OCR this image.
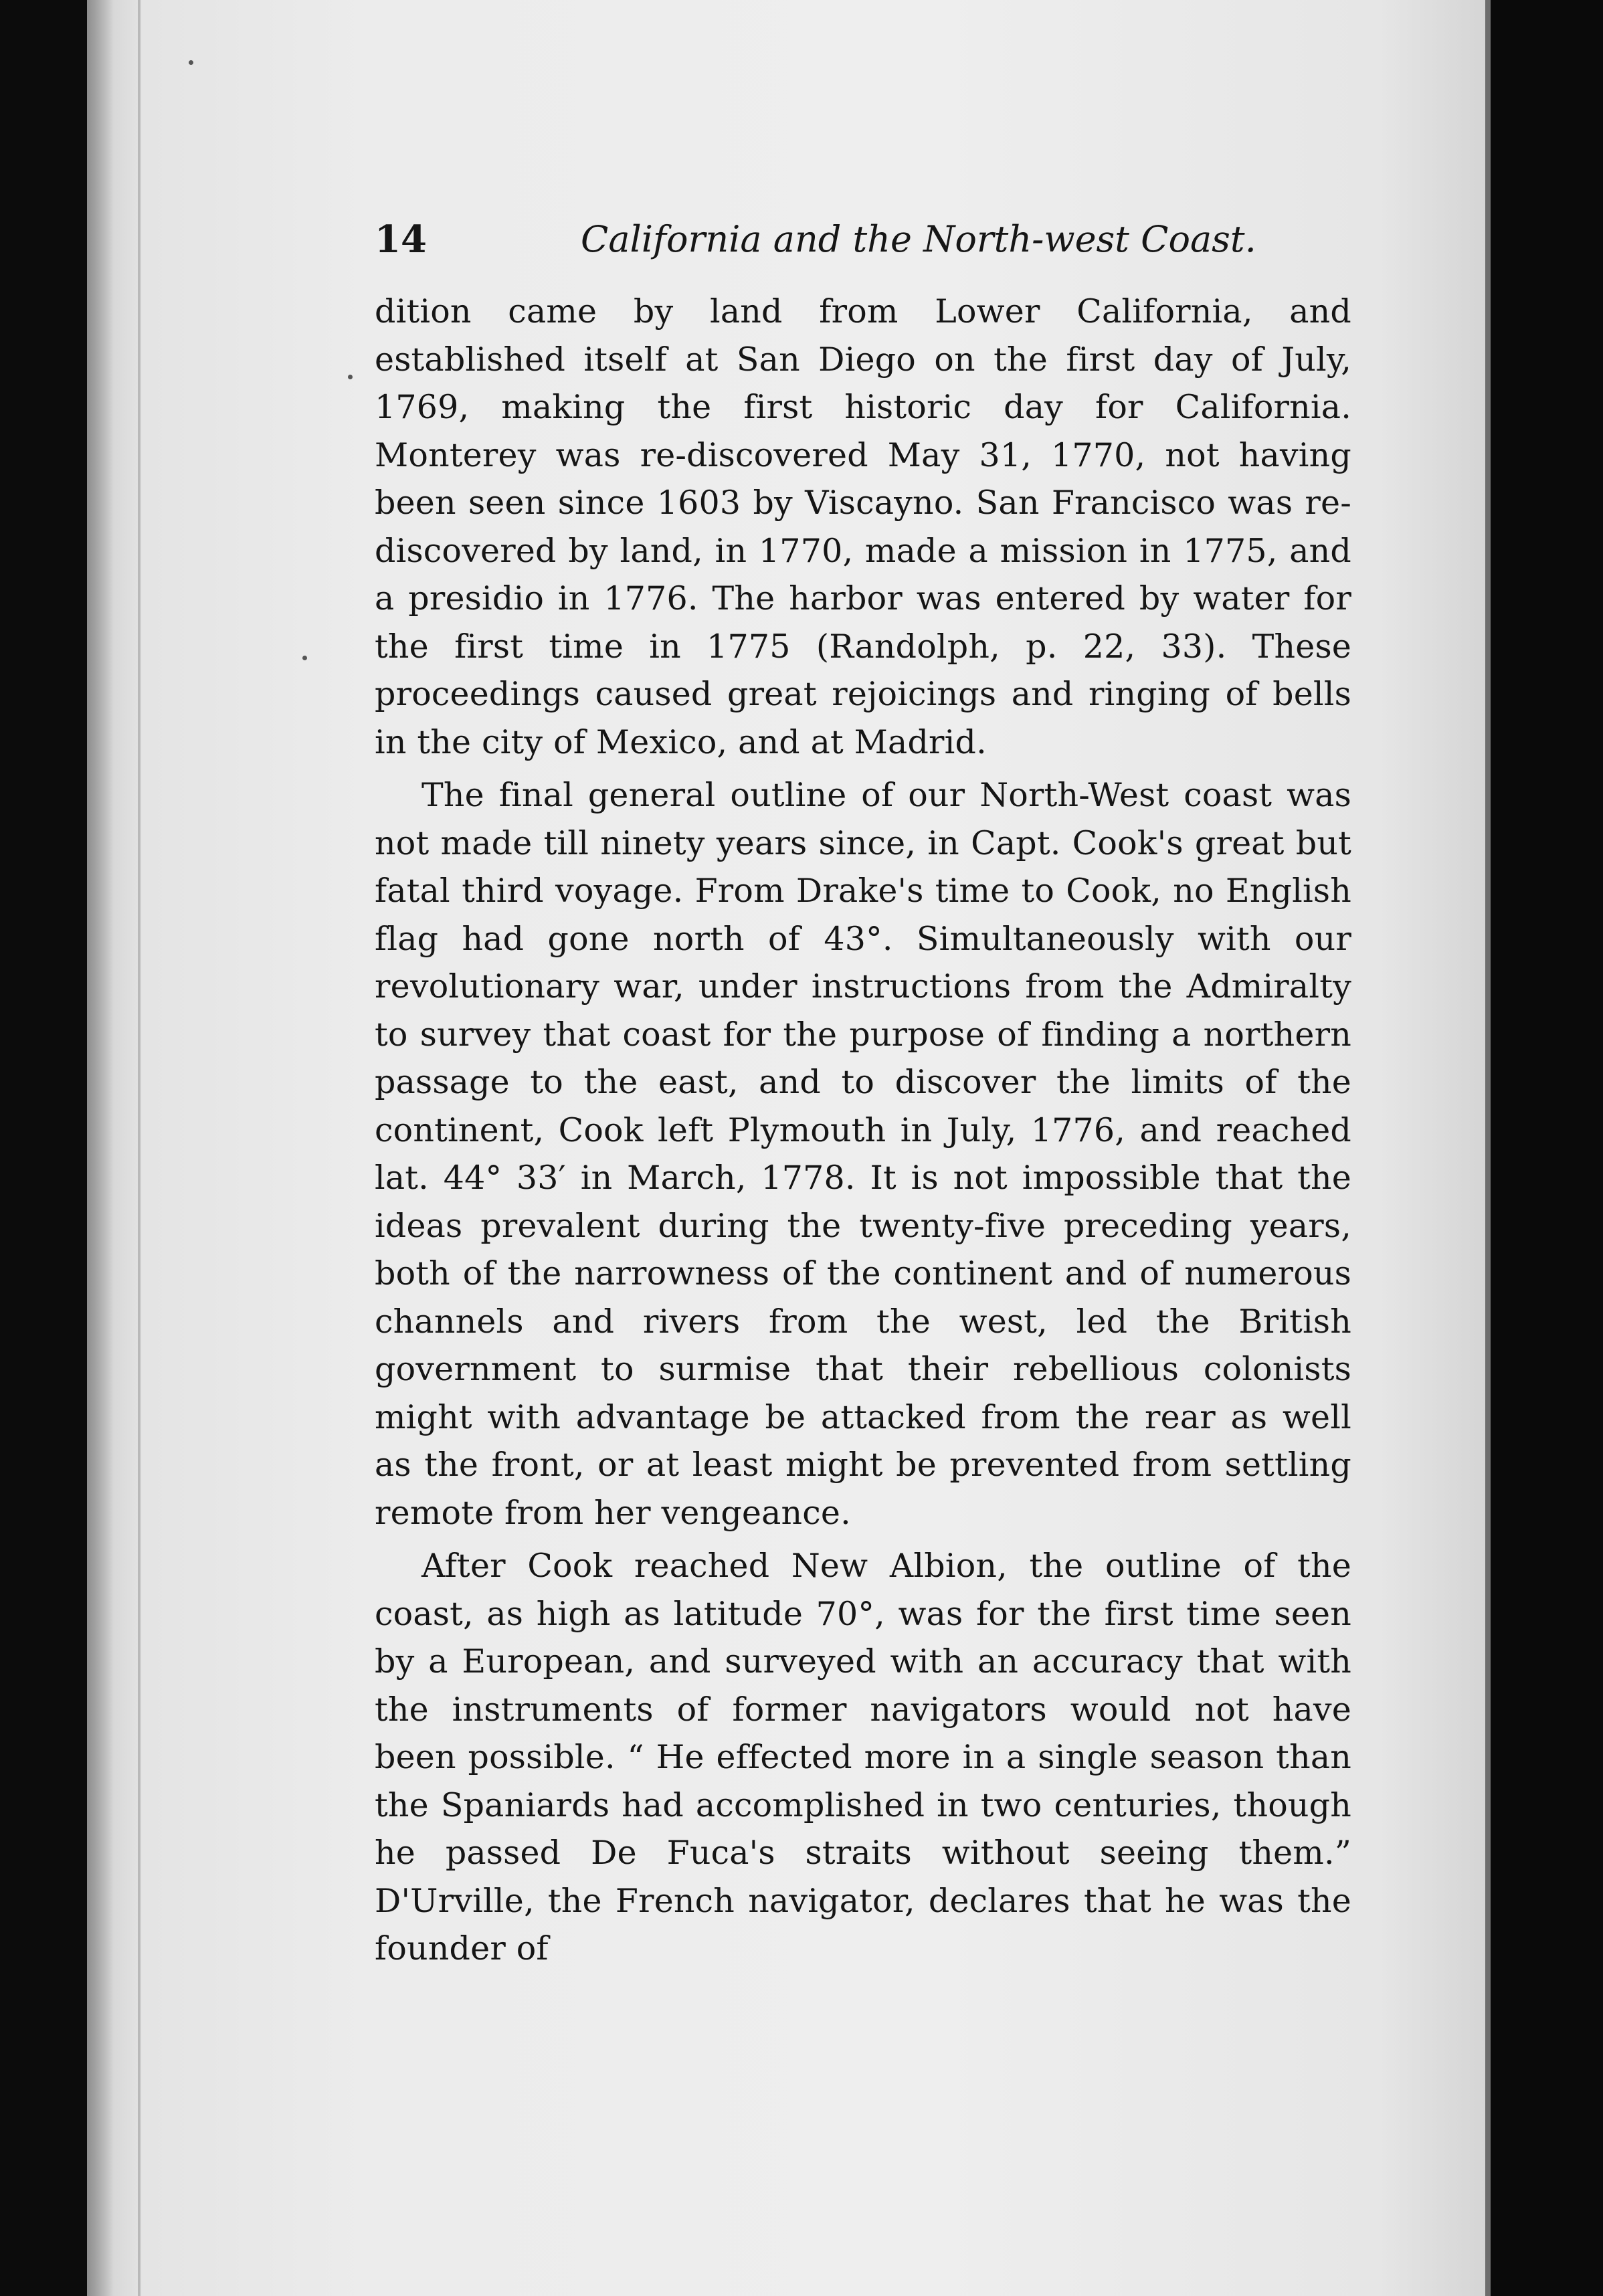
14	California and the North-west Coast.

dition came by land from Lower California, and established itself at San Diego on the first day of July, 1769, making the first historic day for California. Monterey was re-discovered May 31, 1770, not having been seen since 1603 by Viscayno. San Francisco was re-discovered by land, in 1770, made a mission in 1775, and a presidio in 1776. The harbor was entered by water for the first time in 1775 (Randolph, p. 22, 33). These proceedings caused great rejoicings and ringing of bells in the city of Mexico, and at Madrid.

The final general outline of our North-West coast was not made till ninety years since, in Capt. Cook's great but fatal third voyage. From Drake's time to Cook, no English flag had gone north of 43°. Simultaneously with our revolutionary war, under instructions from the Admiralty to survey that coast for the purpose of finding a northern passage to the east, and to discover the limits of the continent, Cook left Plymouth in July, 1776, and reached lat. 44° 33′ in March, 1778. It is not impossible that the ideas prevalent during the twenty-five preceding years, both of the narrowness of the continent and of numerous channels and rivers from the west, led the British government to surmise that their rebellious colonists might with advantage be attacked from the rear as well as the front, or at least might be prevented from settling remote from her vengeance.

After Cook reached New Albion, the outline of the coast, as high as latitude 70°, was for the first time seen by a European, and surveyed with an accuracy that with the instruments of former navigators would not have been possible. “ He effected more in a single season than the Spaniards had accomplished in two centuries, though he passed De Fuca's straits without seeing them.” D'Urville, the French navigator, declares that he was the founder of
